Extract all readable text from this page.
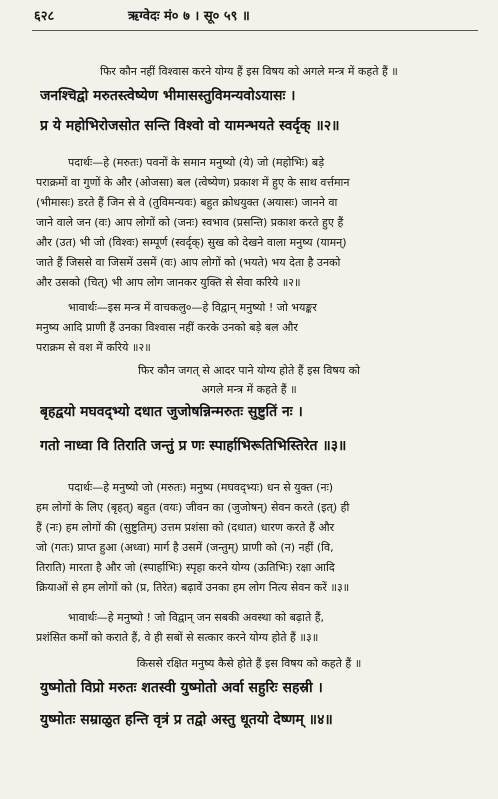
६२८	ऋग्वेदः मं० ७ । सू० ५९ ॥
फिर कौन नहीं विश्वास करने योग्य हैं इस विषय को अगले मन्त्र में कहते हैं ॥
जनश्चिद्वो मरुतस्त्वेष्येण भीमासस्तुविमन्यवोऽयासः ।
प्र ये महोभिरोजसोत सन्ति विश्वो वो यामन्भयते स्वर्दृक् ॥२॥
पदार्थः—हे (मरुतः) पवनों के समान मनुष्यो (ये) जो (महोभिः) बड़े
पराक्रमों वा गुणों के और (ओजसा) बल (त्वेष्येण) प्रकाश में हुए के साथ वर्त्तमान
(भीमासः) डरते हैं जिन से वे (तुविमन्यवः) बहुत क्रोधयुक्त (अयासः) जानने वा
जाने वाले जन (वः) आप लोगों को (जनः) स्वभाव (प्रसन्ति) प्रकाश करते हुए हैं
और (उत) भी जो (विश्वः) सम्पूर्ण (स्वर्दृक्) सुख को देखने वाला मनुष्य (यामन्)
जाते हैं जिससे वा जिसमें उसमें (वः) आप लोगों को (भयते) भय देता है उनको
और उसको (चित्) भी आप लोग जानकर युक्ति से सेवा करिये ॥२॥
भावार्थः—इस मन्त्र में वाचकलु०—हे विद्वान् मनुष्यो ! जो भयङ्कर
मनुष्य आदि प्राणी हैं उनका विश्वास नहीं करके उनको बड़े बल और
पराक्रम से वश में करिये ॥२॥
फिर कौन जगत् से आदर पाने योग्य होते हैं इस विषय को
अगले मन्त्र में कहते हैं ॥
बृहद्वयो मघवद्भ्यो दधात जुजोषन्निन्मरुतः सुष्टुतिं नः ।
गतो नाध्वा वि तिराति जन्तुं प्र णः स्पार्हाभिरूतिभिस्तिरेत ॥३॥
पदार्थः—हे मनुष्यो जो (मरुतः) मनुष्य (मघवद्भ्यः) धन से युक्त (नः)
हम लोगों के लिए (बृहत्) बहुत (वयः) जीवन का (जुजोषन्) सेवन करते (इत्) ही
हैं (नः) हम लोगों की (सुष्टुतिम्) उत्तम प्रशंसा को (दधात) धारण करते हैं और
जो (गतः) प्राप्त हुआ (अध्वा) मार्ग है उसमें (जन्तुम्) प्राणी को (न) नहीं (वि,
तिराति) मारता है और जो (स्पार्हाभिः) स्पृहा करने योग्य (ऊतिभिः) रक्षा आदि
क्रियाओं से हम लोगों को (प्र, तिरेत) बढ़ावें उनका हम लोग नित्य सेवन करें ॥३॥
भावार्थः—हे मनुष्यो ! जो विद्वान् जन सबकी अवस्था को बढ़ाते हैं,
प्रशंसित कर्मों को कराते हैं, वे ही सबों से सत्कार करने योग्य होते हैं ॥३॥
किससे रक्षित मनुष्य कैसे होते हैं इस विषय को कहते हैं ॥
युष्मोतो विप्रो मरुतः शतस्वी युष्मोतो अर्वा सहुरिः सहस्री ।
युष्मोतः सम्राळुत हन्ति वृत्रं प्र तद्वो अस्तु धूतयो देष्णम् ॥४॥
